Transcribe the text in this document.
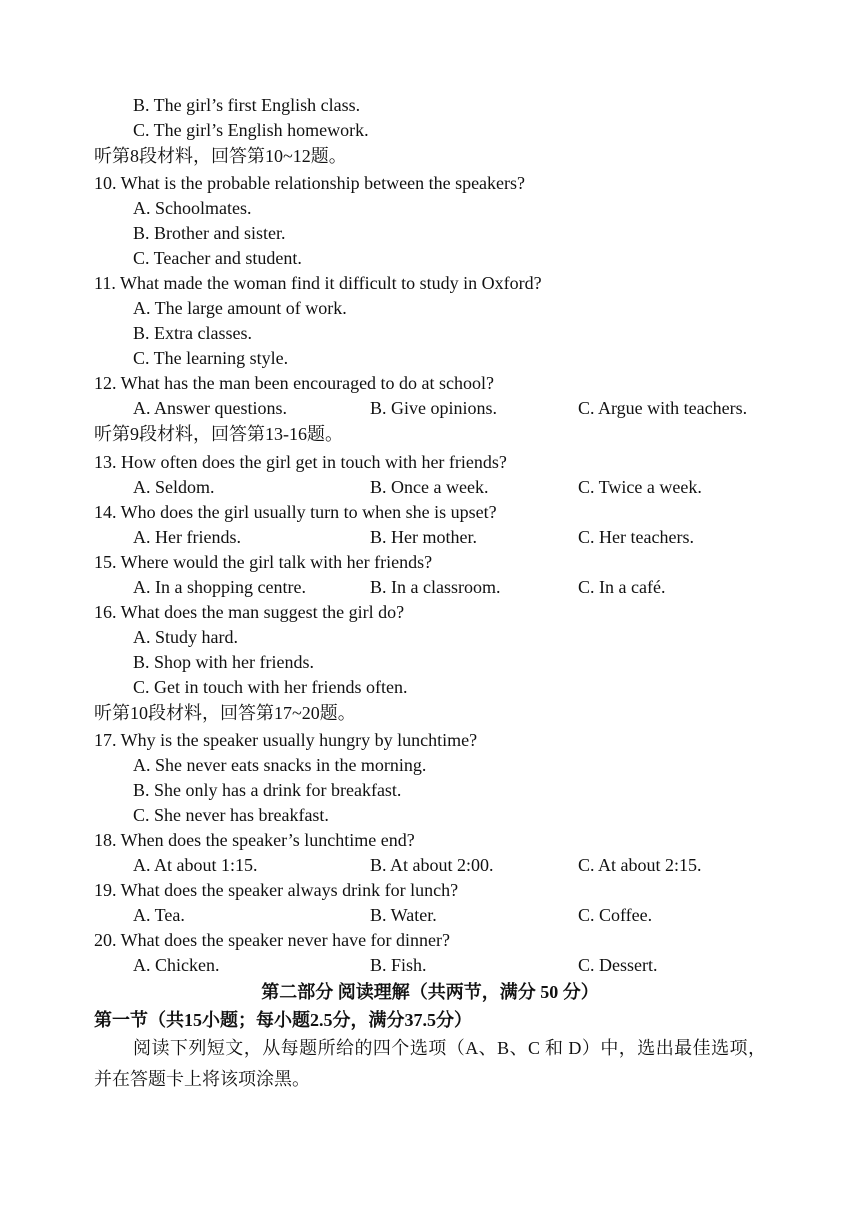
B. The girl’s first English class.
C. The girl’s English homework.
听第8段材料，回答第10~12题。
10. What is the probable relationship between the speakers?
A. Schoolmates.
B. Brother and sister.
C. Teacher and student.
11. What made the woman find it difficult to study in Oxford?
A. The large amount of work.
B. Extra classes.
C. The learning style.
12. What has the man been encouraged to do at school?
A. Answer questions.	B. Give opinions.	C. Argue with teachers.
听第9段材料，回答第13-16题。
13. How often does the girl get in touch with her friends?
A. Seldom.	B. Once a week.	C. Twice a week.
14. Who does the girl usually turn to when she is upset?
A. Her friends.	B. Her mother.	C. Her teachers.
15. Where would the girl talk with her friends?
A. In a shopping centre.	B. In a classroom.	C. In a café.
16. What does the man suggest the girl do?
A. Study hard.
B. Shop with her friends.
C. Get in touch with her friends often.
听第10段材料，回答第17~20题。
17. Why is the speaker usually hungry by lunchtime?
A. She never eats snacks in the morning.
B. She only has a drink for breakfast.
C. She never has breakfast.
18. When does the speaker’s lunchtime end?
A. At about 1:15.	B. At about 2:00.	C. At about 2:15.
19. What does the speaker always drink for lunch?
A. Tea.	B. Water.	C. Coffee.
20. What does the speaker never have for dinner?
A. Chicken.	B. Fish.	C. Dessert.
第二部分 阅读理解（共两节，满分 50 分）
第一节（共15小题；每小题2.5分，满分37.5分）
阅读下列短文，从每题所给的四个选项（A、B、C 和 D）中，选出最佳选项，并在答题卡上将该项涂黑。
